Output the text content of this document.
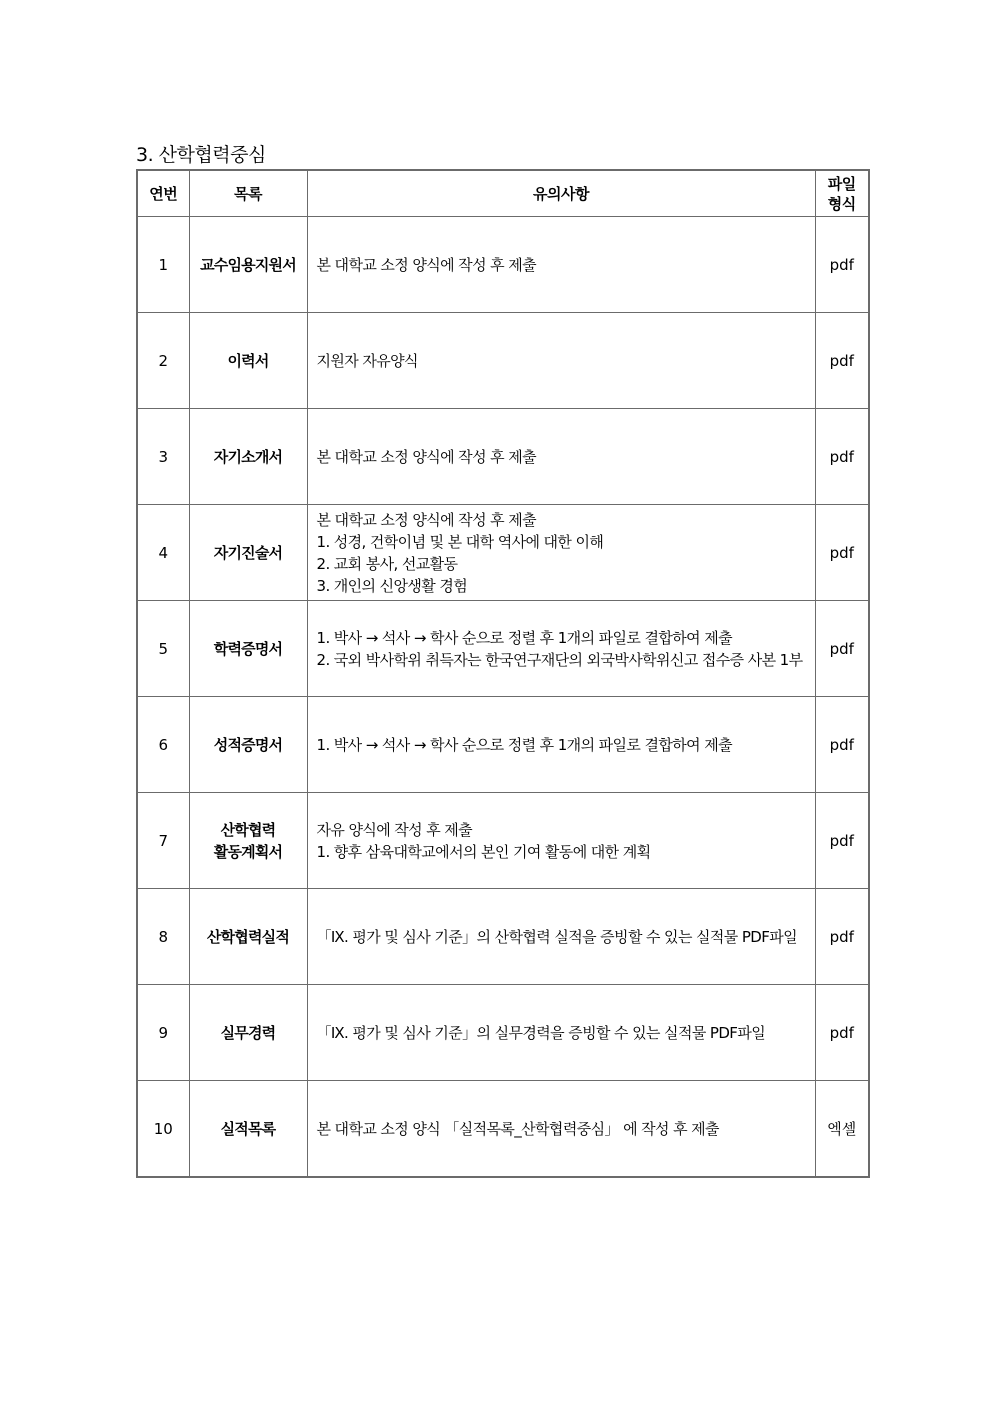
3. 산학협력중심
연번	목록	유의사항	파일
형식

1	교수임용지원서	본 대학교 소정 양식에 작성 후 제출	pdf
2	이력서	지원자 자유양식	pdf
3	자기소개서	본 대학교 소정 양식에 작성 후 제출	pdf
4	자기진술서	본 대학교 소정 양식에 작성 후 제출
1. 성경, 건학이념 및 본 대학 역사에 대한 이해
2. 교회 봉사, 선교활동
3. 개인의 신앙생활 경험	pdf
5	학력증명서	1. 박사 → 석사 → 학사 순으로 정렬 후 1개의 파일로 결합하여 제출
2. 국외 박사학위 취득자는 한국연구재단의 외국박사학위신고 접수증 사본 1부	pdf
6	성적증명서	1. 박사 → 석사 → 학사 순으로 정렬 후 1개의 파일로 결합하여 제출	pdf
7	산학협력
활동계획서	자유 양식에 작성 후 제출
1. 향후 삼육대학교에서의 본인 기여 활동에 대한 계획	pdf
8	산학협력실적	「Ⅸ. 평가 및 심사 기준」의 산학협력 실적을 증빙할 수 있는 실적물 PDF파일	pdf
9	실무경력	「Ⅸ. 평가 및 심사 기준」의 실무경력을 증빙할 수 있는 실적물 PDF파일	pdf
10	실적목록	본 대학교 소정 양식 「실적목록_산학협력중심」 에 작성 후 제출	엑셀
